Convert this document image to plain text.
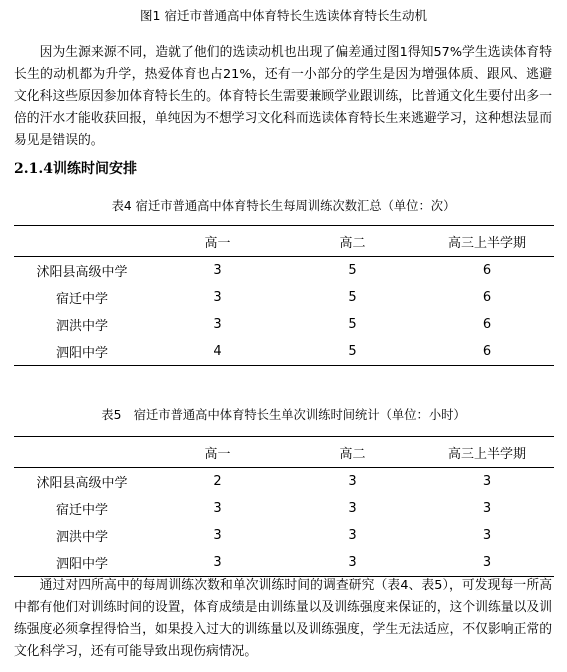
图1 宿迁市普通高中体育特长生选读体育特长生动机

因为生源来源不同，造就了他们的选读动机也出现了偏差通过图1得知57%学生选读体育特长生的动机都为升学，热爱体育也占21%，还有一小部分的学生是因为增强体质、跟风、逃避文化科这些原因参加体育特长生的。体育特长生需要兼顾学业跟训练，比普通文化生要付出多一倍的汗水才能收获回报，单纯因为不想学习文化科而选读体育特长生来逃避学习，这种想法显而易见是错误的。

2.1.4训练时间安排
表4 宿迁市普通高中体育特长生每周训练次数汇总（单位：次）
	高一	高二	高三上半学期
沭阳县高级中学	3	5	6
宿迁中学	3	5	6
泗洪中学	3	5	6
泗阳中学	4	5	6
表5　宿迁市普通高中体育特长生单次训练时间统计（单位：小时）
	高一	高二	高三上半学期
沭阳县高级中学	2	3	3
宿迁中学	3	3	3
泗洪中学	3	3	3
泗阳中学	3	3	3

通过对四所高中的每周训练次数和单次训练时间的调查研究（表4、表5），可发现每一所高中都有他们对训练时间的设置，体育成绩是由训练量以及训练强度来保证的，这个训练量以及训练强度必须拿捏得恰当，如果投入过大的训练量以及训练强度，学生无法适应，不仅影响正常的文化科学习，还有可能导致出现伤病情况。
